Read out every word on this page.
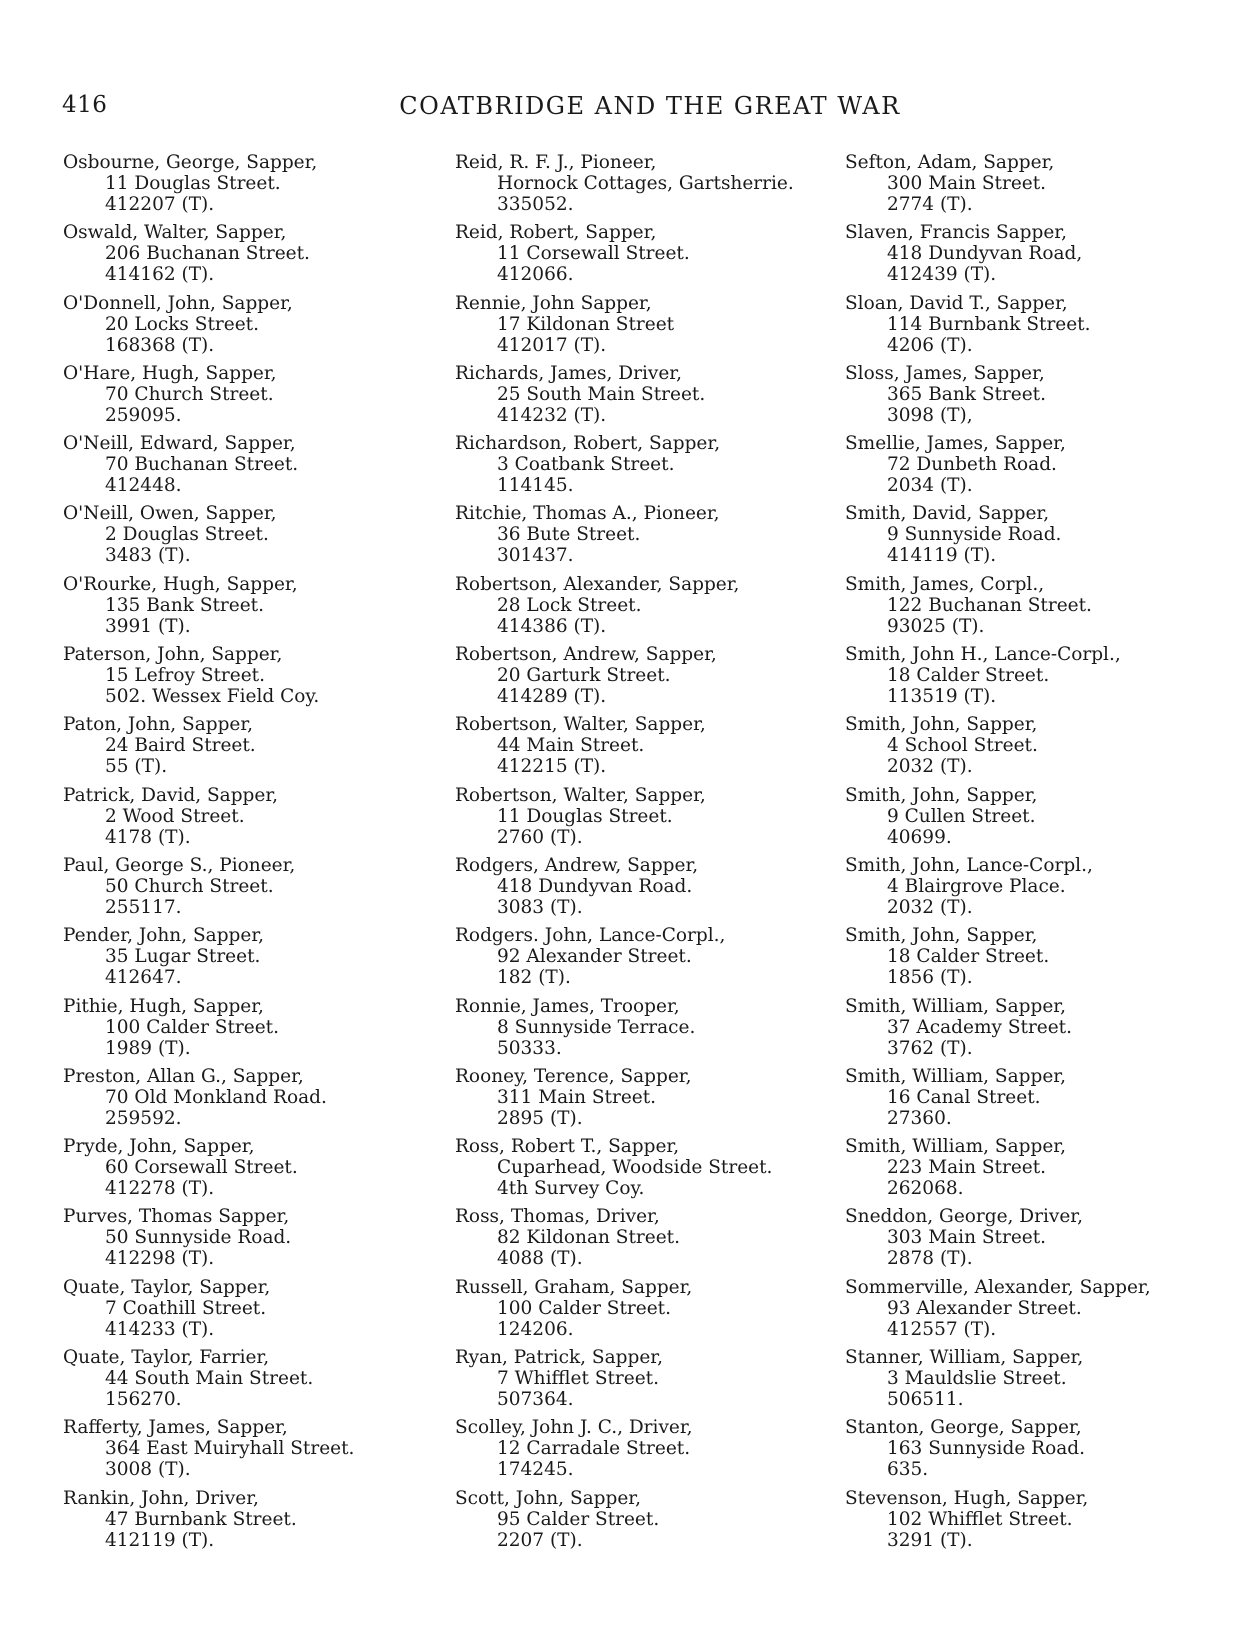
416	COATBRIDGE AND THE GREAT WAR
Osbourne, George, Sapper,
11 Douglas Street.
412207 (T).
Oswald, Walter, Sapper,
206 Buchanan Street.
414162 (T).
O'Donnell, John, Sapper,
20 Locks Street.
168368 (T).
O'Hare, Hugh, Sapper,
70 Church Street.
259095.
O'Neill, Edward, Sapper,
70 Buchanan Street.
412448.
O'Neill, Owen, Sapper,
2 Douglas Street.
3483 (T).
O'Rourke, Hugh, Sapper,
135 Bank Street.
3991 (T).
Paterson, John, Sapper,
15 Lefroy Street.
502. Wessex Field Coy.
Paton, John, Sapper,
24 Baird Street.
55 (T).
Patrick, David, Sapper,
2 Wood Street.
4178 (T).
Paul, George S., Pioneer,
50 Church Street.
255117.
Pender, John, Sapper,
35 Lugar Street.
412647.
Pithie, Hugh, Sapper,
100 Calder Street.
1989 (T).
Preston, Allan G., Sapper,
70 Old Monkland Road.
259592.
Pryde, John, Sapper,
60 Corsewall Street.
412278 (T).
Purves, Thomas Sapper,
50 Sunnyside Road.
412298 (T).
Quate, Taylor, Sapper,
7 Coathill Street.
414233 (T).
Quate, Taylor, Farrier,
44 South Main Street.
156270.
Rafferty, James, Sapper,
364 East Muiryhall Street.
3008 (T).
Rankin, John, Driver,
47 Burnbank Street.
412119 (T).
Reid, R. F. J., Pioneer,
Hornock Cottages, Gartsherrie.
335052.
Reid, Robert, Sapper,
11 Corsewall Street.
412066.
Rennie, John Sapper,
17 Kildonan Street
412017 (T).
Richards, James, Driver,
25 South Main Street.
414232 (T).
Richardson, Robert, Sapper,
3 Coatbank Street.
114145.
Ritchie, Thomas A., Pioneer,
36 Bute Street.
301437.
Robertson, Alexander, Sapper,
28 Lock Street.
414386 (T).
Robertson, Andrew, Sapper,
20 Garturk Street.
414289 (T).
Robertson, Walter, Sapper,
44 Main Street.
412215 (T).
Robertson, Walter, Sapper,
11 Douglas Street.
2760 (T).
Rodgers, Andrew, Sapper,
418 Dundyvan Road.
3083 (T).
Rodgers. John, Lance-Corpl.,
92 Alexander Street.
182 (T).
Ronnie, James, Trooper,
8 Sunnyside Terrace.
50333.
Rooney, Terence, Sapper,
311 Main Street.
2895 (T).
Ross, Robert T., Sapper,
Cuparhead, Woodside Street.
4th Survey Coy.
Ross, Thomas, Driver,
82 Kildonan Street.
4088 (T).
Russell, Graham, Sapper,
100 Calder Street.
124206.
Ryan, Patrick, Sapper,
7 Whifflet Street.
507364.
Scolley, John J. C., Driver,
12 Carradale Street.
174245.
Scott, John, Sapper,
95 Calder Street.
2207 (T).
Sefton, Adam, Sapper,
300 Main Street.
2774 (T).
Slaven, Francis Sapper,
418 Dundyvan Road,
412439 (T).
Sloan, David T., Sapper,
114 Burnbank Street.
4206 (T).
Sloss, James, Sapper,
365 Bank Street.
3098 (T),
Smellie, James, Sapper,
72 Dunbeth Road.
2034 (T).
Smith, David, Sapper,
9 Sunnyside Road.
414119 (T).
Smith, James, Corpl.,
122 Buchanan Street.
93025 (T).
Smith, John H., Lance-Corpl.,
18 Calder Street.
113519 (T).
Smith, John, Sapper,
4 School Street.
2032 (T).
Smith, John, Sapper,
9 Cullen Street.
40699.
Smith, John, Lance-Corpl.,
4 Blairgrove Place.
2032 (T).
Smith, John, Sapper,
18 Calder Street.
1856 (T).
Smith, William, Sapper,
37 Academy Street.
3762 (T).
Smith, William, Sapper,
16 Canal Street.
27360.
Smith, William, Sapper,
223 Main Street.
262068.
Sneddon, George, Driver,
303 Main Street.
2878 (T).
Sommerville, Alexander, Sapper,
93 Alexander Street.
412557 (T).
Stanner, William, Sapper,
3 Mauldslie Street.
506511.
Stanton, George, Sapper,
163 Sunnyside Road.
635.
Stevenson, Hugh, Sapper,
102 Whifflet Street.
3291 (T).
